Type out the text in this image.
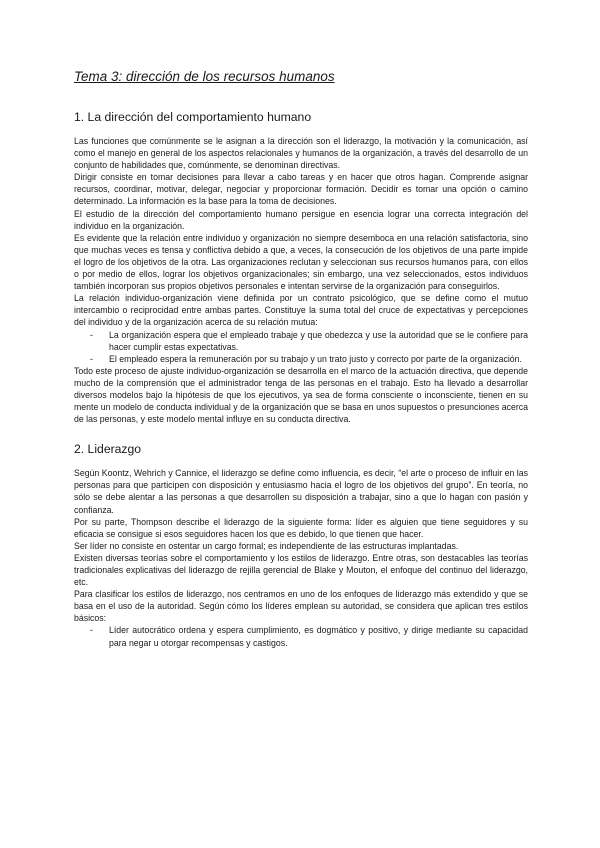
Tema 3: dirección de los recursos humanos
1. La dirección del comportamiento humano

Las funciones que comúnmente se le asignan a la dirección son el liderazgo, la motivación y la comunicación, así como el manejo en general de los aspectos relacionales y humanos de la organización, a través del desarrollo de un conjunto de habilidades que, comúnmente, se denominan directivas.

Dirigir consiste en tomar decisiones para llevar a cabo tareas y en hacer que otros hagan. Comprende asignar recursos, coordinar, motivar, delegar, negociar y proporcionar formación. Decidir es tomar una opción o camino determinado. La información es la base para la toma de decisiones.

El estudio de la dirección del comportamiento humano persigue en esencia lograr una correcta integración del individuo en la organización.

Es evidente que la relación entre individuo y organización no siempre desemboca en una relación satisfactoria, sino que muchas veces es tensa y conflictiva debido a que, a veces, la consecución de los objetivos de una parte impide el logro de los objetivos de la otra. Las organizaciones reclutan y seleccionan sus recursos humanos para, con ellos o por medio de ellos, lograr los objetivos organizacionales; sin embargo, una vez seleccionados, estos individuos también incorporan sus propios objetivos personales e intentan servirse de la organización para conseguirlos.

La relación individuo-organización viene definida por un contrato psicológico, que se define como el mutuo intercambio o reciprocidad entre ambas partes. Constituye la suma total del cruce de expectativas y percepciones del individuo y de la organización acerca de su relación mutua:

- La organización espera que el empleado trabaje y que obedezca y use la autoridad que se le confiere para hacer cumplir estas expectativas.
- El empleado espera la remuneración por su trabajo y un trato justo y correcto por parte de la organización.

Todo este proceso de ajuste individuo-organización se desarrolla en el marco de la actuación directiva, que depende mucho de la comprensión que el administrador tenga de las personas en el trabajo. Esto ha llevado a desarrollar diversos modelos bajo la hipótesis de que los ejecutivos, ya sea de forma consciente o inconsciente, tienen en su mente un modelo de conducta individual y de la organización que se basa en unos supuestos o presunciones acerca de las personas, y este modelo mental influye en su conducta directiva.

2. Liderazgo

Según Koontz, Wehrich y Cannice, el liderazgo se define como influencia, es decir, “el arte o proceso de influir en las personas para que participen con disposición y entusiasmo hacia el logro de los objetivos del grupo”. En teoría, no sólo se debe alentar a las personas a que desarrollen su disposición a trabajar, sino a que lo hagan con pasión y confianza.

Por su parte, Thompson describe el liderazgo de la siguiente forma: líder es alguien que tiene seguidores y su eficacia se consigue si esos seguidores hacen los que es debido, lo que tienen que hacer.

Ser líder no consiste en ostentar un cargo formal; es independiente de las estructuras implantadas.

Existen diversas teorías sobre el comportamiento y los estilos de liderazgo. Entre otras, son destacables las teorías tradicionales explicativas del liderazgo de rejilla gerencial de Blake y Mouton, el enfoque del continuo del liderazgo, etc.

Para clasificar los estilos de liderazgo, nos centramos en uno de los enfoques de liderazgo más extendido y que se basa en el uso de la autoridad. Según cómo los líderes emplean su autoridad, se considera que aplican tres estilos básicos:

- Líder autocrático ordena y espera cumplimiento, es dogmático y positivo, y dirige mediante su capacidad para negar u otorgar recompensas y castigos.
